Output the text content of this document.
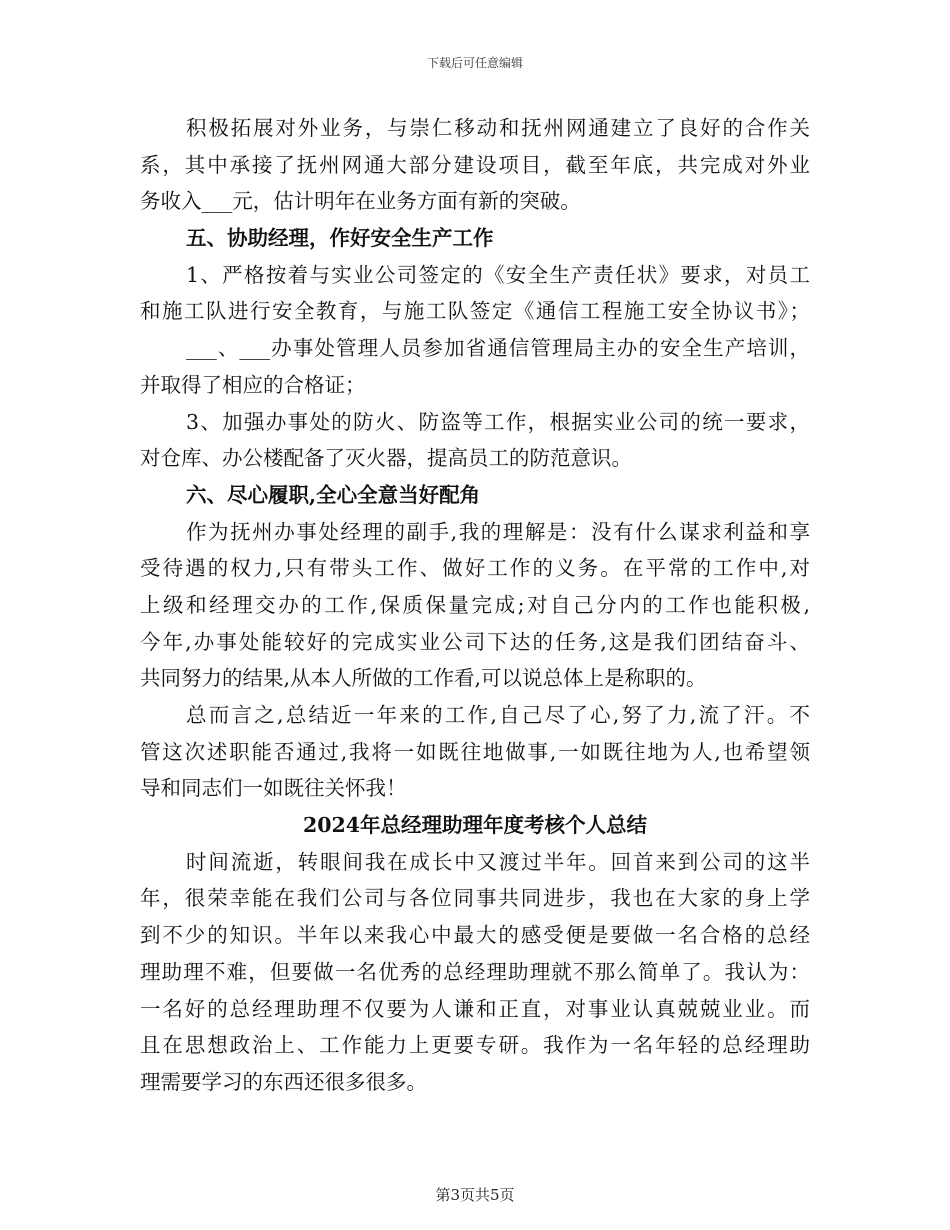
下载后可任意编辑
积极拓展对外业务，与崇仁移动和抚州网通建立了良好的合作关
系，其中承接了抚州网通大部分建设项目，截至年底，共完成对外业
务收入___元，估计明年在业务方面有新的突破。
五、协助经理，作好安全生产工作
1、严格按着与实业公司签定的《安全生产责任状》要求，对员工
和施工队进行安全教育，与施工队签定《通信工程施工安全协议书》；
___、___办事处管理人员参加省通信管理局主办的安全生产培训，
并取得了相应的合格证；
3、加强办事处的防火、防盗等工作，根据实业公司的统一要求，
对仓库、办公楼配备了灭火器，提高员工的防范意识。
六、尽心履职,全心全意当好配角
作为抚州办事处经理的副手,我的理解是：没有什么谋求利益和享
受待遇的权力,只有带头工作、做好工作的义务。在平常的工作中,对
上级和经理交办的工作,保质保量完成;对自己分内的工作也能积极,
今年,办事处能较好的完成实业公司下达的任务,这是我们团结奋斗、
共同努力的结果,从本人所做的工作看,可以说总体上是称职的。
总而言之,总结近一年来的工作,自己尽了心,努了力,流了汗。不
管这次述职能否通过,我将一如既往地做事,一如既往地为人,也希望领
导和同志们一如既往关怀我！
2024年总经理助理年度考核个人总结
时间流逝，转眼间我在成长中又渡过半年。回首来到公司的这半
年，很荣幸能在我们公司与各位同事共同进步，我也在大家的身上学
到不少的知识。半年以来我心中最大的感受便是要做一名合格的总经
理助理不难，但要做一名优秀的总经理助理就不那么简单了。我认为：
一名好的总经理助理不仅要为人谦和正直，对事业认真兢兢业业。而
且在思想政治上、工作能力上更要专研。我作为一名年轻的总经理助
理需要学习的东西还很多很多。
第3页共5页
